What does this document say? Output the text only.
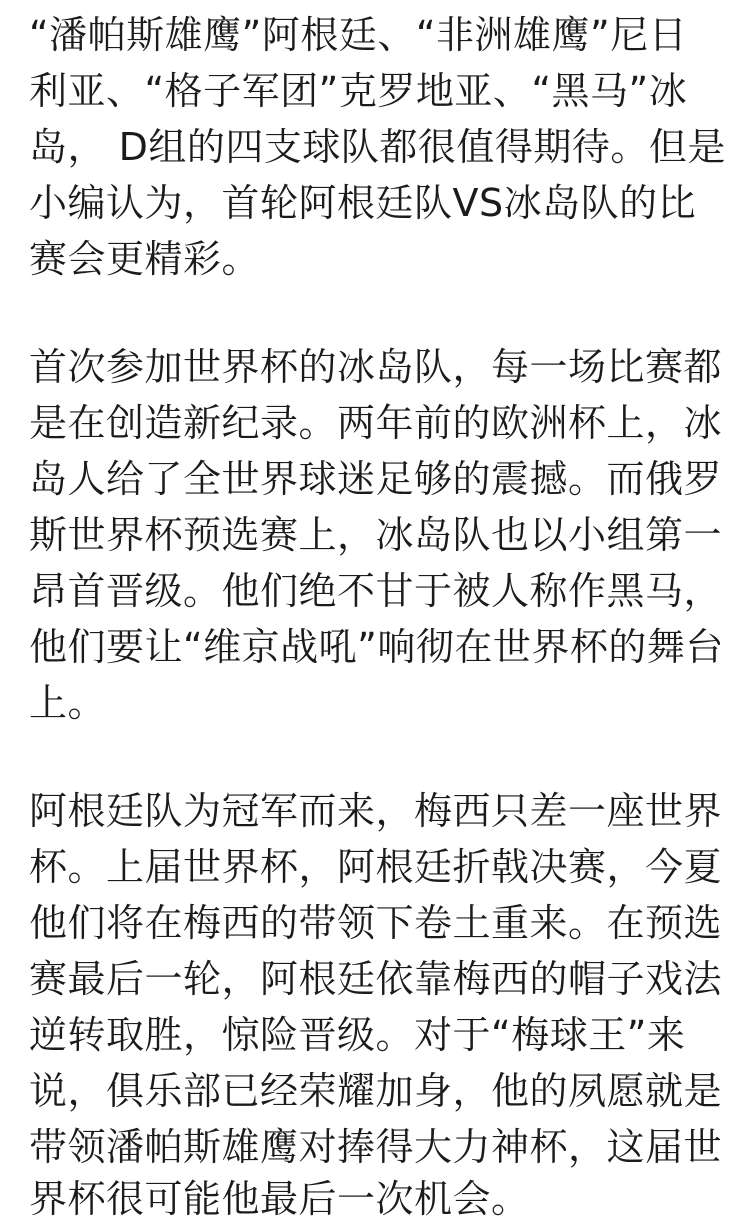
“潘帕斯雄鹰”阿根廷、“非洲雄鹰”尼日
利亚、“格子军团”克罗地亚、“黑马”冰
岛， D组的四支球队都很值得期待。但是
小编认为，首轮阿根廷队VS冰岛队的比
赛会更精彩。
首次参加世界杯的冰岛队，每一场比赛都
是在创造新纪录。两年前的欧洲杯上，冰
岛人给了全世界球迷足够的震撼。而俄罗
斯世界杯预选赛上，冰岛队也以小组第一
昂首晋级。他们绝不甘于被人称作黑马，
他们要让“维京战吼”响彻在世界杯的舞台
上。
阿根廷队为冠军而来，梅西只差一座世界
杯。上届世界杯，阿根廷折戟决赛，今夏
他们将在梅西的带领下卷土重来。在预选
赛最后一轮，阿根廷依靠梅西的帽子戏法
逆转取胜，惊险晋级。对于“梅球王”来
说，俱乐部已经荣耀加身，他的夙愿就是
带领潘帕斯雄鹰对捧得大力神杯，这届世
界杯很可能他最后一次机会。
